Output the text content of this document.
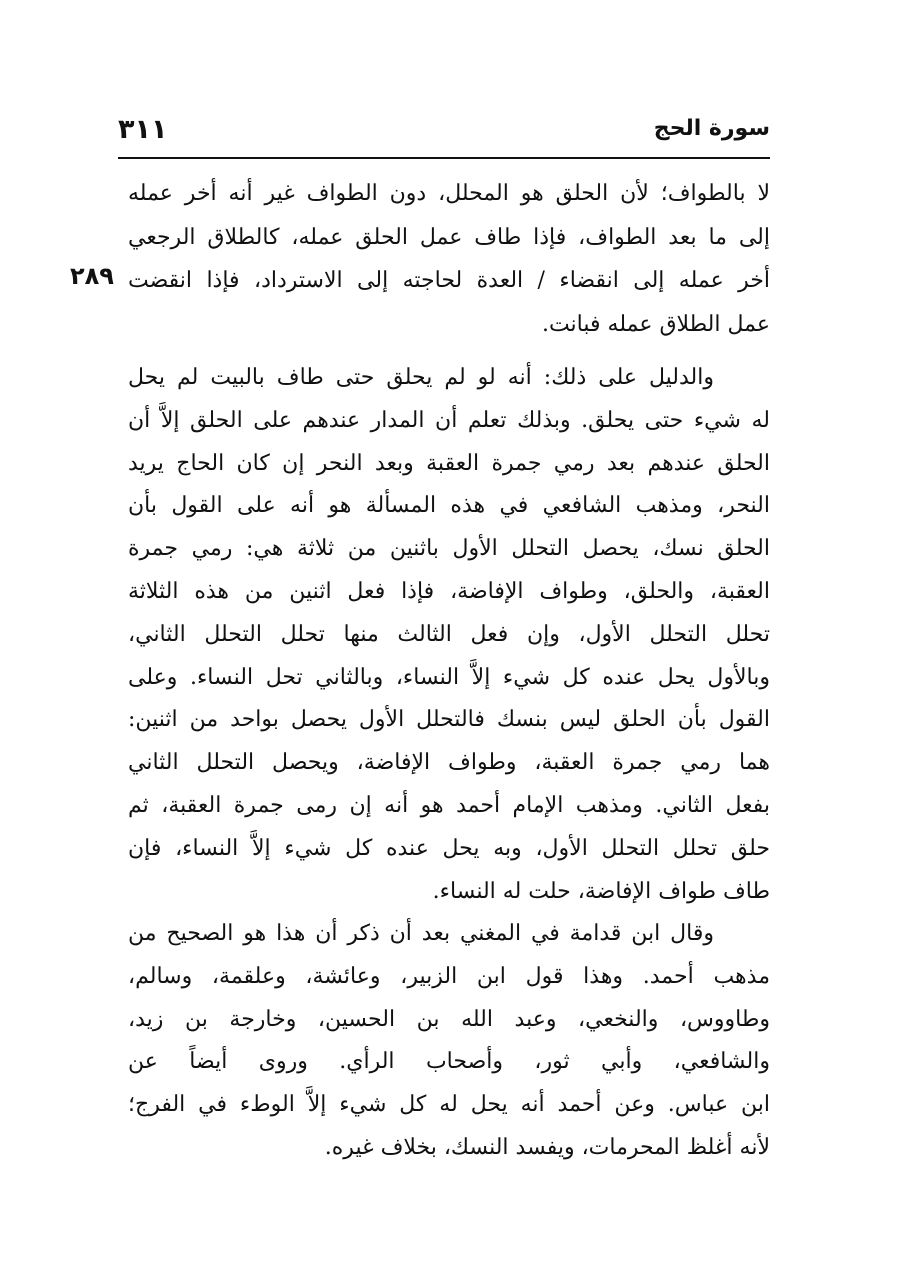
سورة الحج
٣١١
٢٨٩
لا بالطواف؛ لأن الحلق هو المحلل، دون الطواف غير أنه أخر عمله
إلى ما بعد الطواف، فإذا طاف عمل الحلق عمله، كالطلاق الرجعي
أخر عمله إلى انقضاء / العدة لحاجته إلى الاسترداد، فإذا انقضت
عمل الطلاق عمله فبانت.
والدليل على ذلك: أنه لو لم يحلق حتى طاف بالبيت لم يحل
له شيء حتى يحلق. وبذلك تعلم أن المدار عندهم على الحلق إلاَّ أن
الحلق عندهم بعد رمي جمرة العقبة وبعد النحر إن كان الحاج يريد
النحر، ومذهب الشافعي في هذه المسألة هو أنه على القول بأن
الحلق نسك، يحصل التحلل الأول باثنين من ثلاثة هي: رمي جمرة
العقبة، والحلق، وطواف الإفاضة، فإذا فعل اثنين من هذه الثلاثة
تحلل التحلل الأول، وإن فعل الثالث منها تحلل التحلل الثاني،
وبالأول يحل عنده كل شيء إلاَّ النساء، وبالثاني تحل النساء. وعلى
القول بأن الحلق ليس بنسك فالتحلل الأول يحصل بواحد من اثنين:
هما رمي جمرة العقبة، وطواف الإفاضة، ويحصل التحلل الثاني
بفعل الثاني. ومذهب الإمام أحمد هو أنه إن رمى جمرة العقبة، ثم
حلق تحلل التحلل الأول، وبه يحل عنده كل شيء إلاَّ النساء، فإن
طاف طواف الإفاضة، حلت له النساء.
وقال ابن قدامة في المغني بعد أن ذكر أن هذا هو الصحيح من
مذهب أحمد. وهذا قول ابن الزبير، وعائشة، وعلقمة، وسالم،
وطاووس، والنخعي، وعبد الله بن الحسين، وخارجة بن زيد،
والشافعي، وأبي ثور، وأصحاب الرأي. وروى أيضاً عن
ابن عباس. وعن أحمد أنه يحل له كل شيء إلاَّ الوطء في الفرج؛
لأنه أغلظ المحرمات، ويفسد النسك، بخلاف غيره.
